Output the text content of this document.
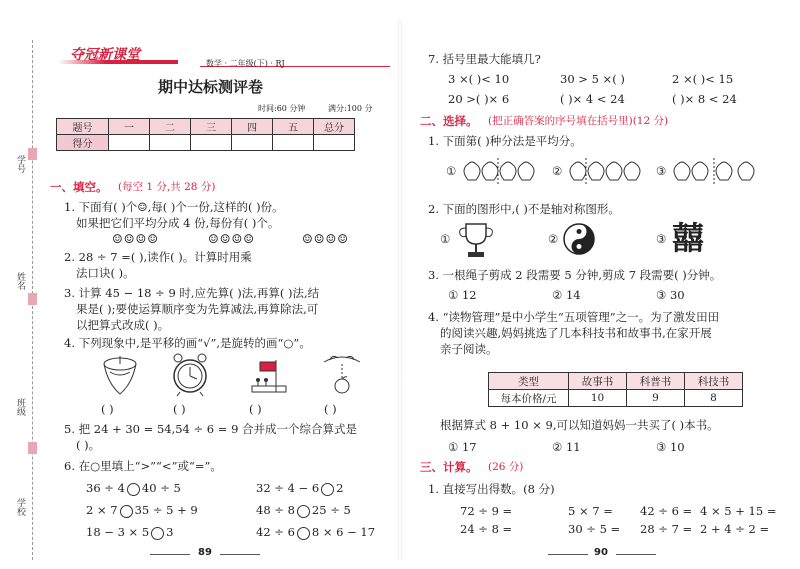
学号
姓名
班级
学校
夺冠新课堂
数学 · 二年级(下) · RJ
期中达标测评卷
时间:60 分钟	满分:100 分
题号	一	二	三	四	五	总分
得分						
一、填空。 (每空 1 分,共 28 分)
1. 下面有( )个☺,每( )个一份,这样的( )份。
如果把它们平均分成 4 份,每份有( )个。
☺☺☺☺	☺☺☺☺	☺☺☺☺
2. 28 ÷ 7 =( ),读作( )。计算时用乘
法口诀( )。
3. 计算 45 − 18 ÷ 9 时,应先算( )法,再算( )法,结
果是( );要使运算顺序变为先算减法,再算除法,可
以把算式改成( )。
4. 下列现象中,是平移的画“√”,是旋转的画“○”。
( )	( )	( )	( )
5. 把 24 + 30 = 54,54 ÷ 6 = 9 合并成一个综合算式是
( )。
6. 在○里填上“>”“<”或“=”。
36 ÷ 4 40 ÷ 5	32 ÷ 4 − 6 2
2 × 7 35 ÷ 5 + 9	48 ÷ 8 25 ÷ 5
18 − 3 × 5 3	42 ÷ 6 8 × 6 − 17
89
7. 括号里最大能填几?
3 ×( )< 10	30 > 5 ×( )	2 ×( )< 15
20 >( )× 6	( )× 4 < 24	( )× 8 < 24
二、选择。 (把正确答案的序号填在括号里)(12 分)
1. 下面第( )种分法是平均分。
①	②	③
2. 下面的图形中,( )不是轴对称图形。
①	②	③ 囍
3. 一根绳子剪成 2 段需要 5 分钟,剪成 7 段需要( )分钟。
① 12	② 14	③ 30
4. “读物管理”是中小学生“五项管理”之一。为了激发田田
的阅读兴趣,妈妈挑选了几本科技书和故事书,在家开展
亲子阅读。
类型	故事书	科普书	科技书
每本价格/元	10	9	8
根据算式 8 + 10 × 9,可以知道妈妈一共买了( )本书。
① 17	② 11	③ 10
三、计算。 (26 分)
1. 直接写出得数。(8 分)
72 ÷ 9 =	5 × 7 = 42 ÷ 6 = 4 × 5 + 15 =
24 ÷ 8 =	30 ÷ 5 = 28 ÷ 7 = 2 + 4 ÷ 2 =
90
